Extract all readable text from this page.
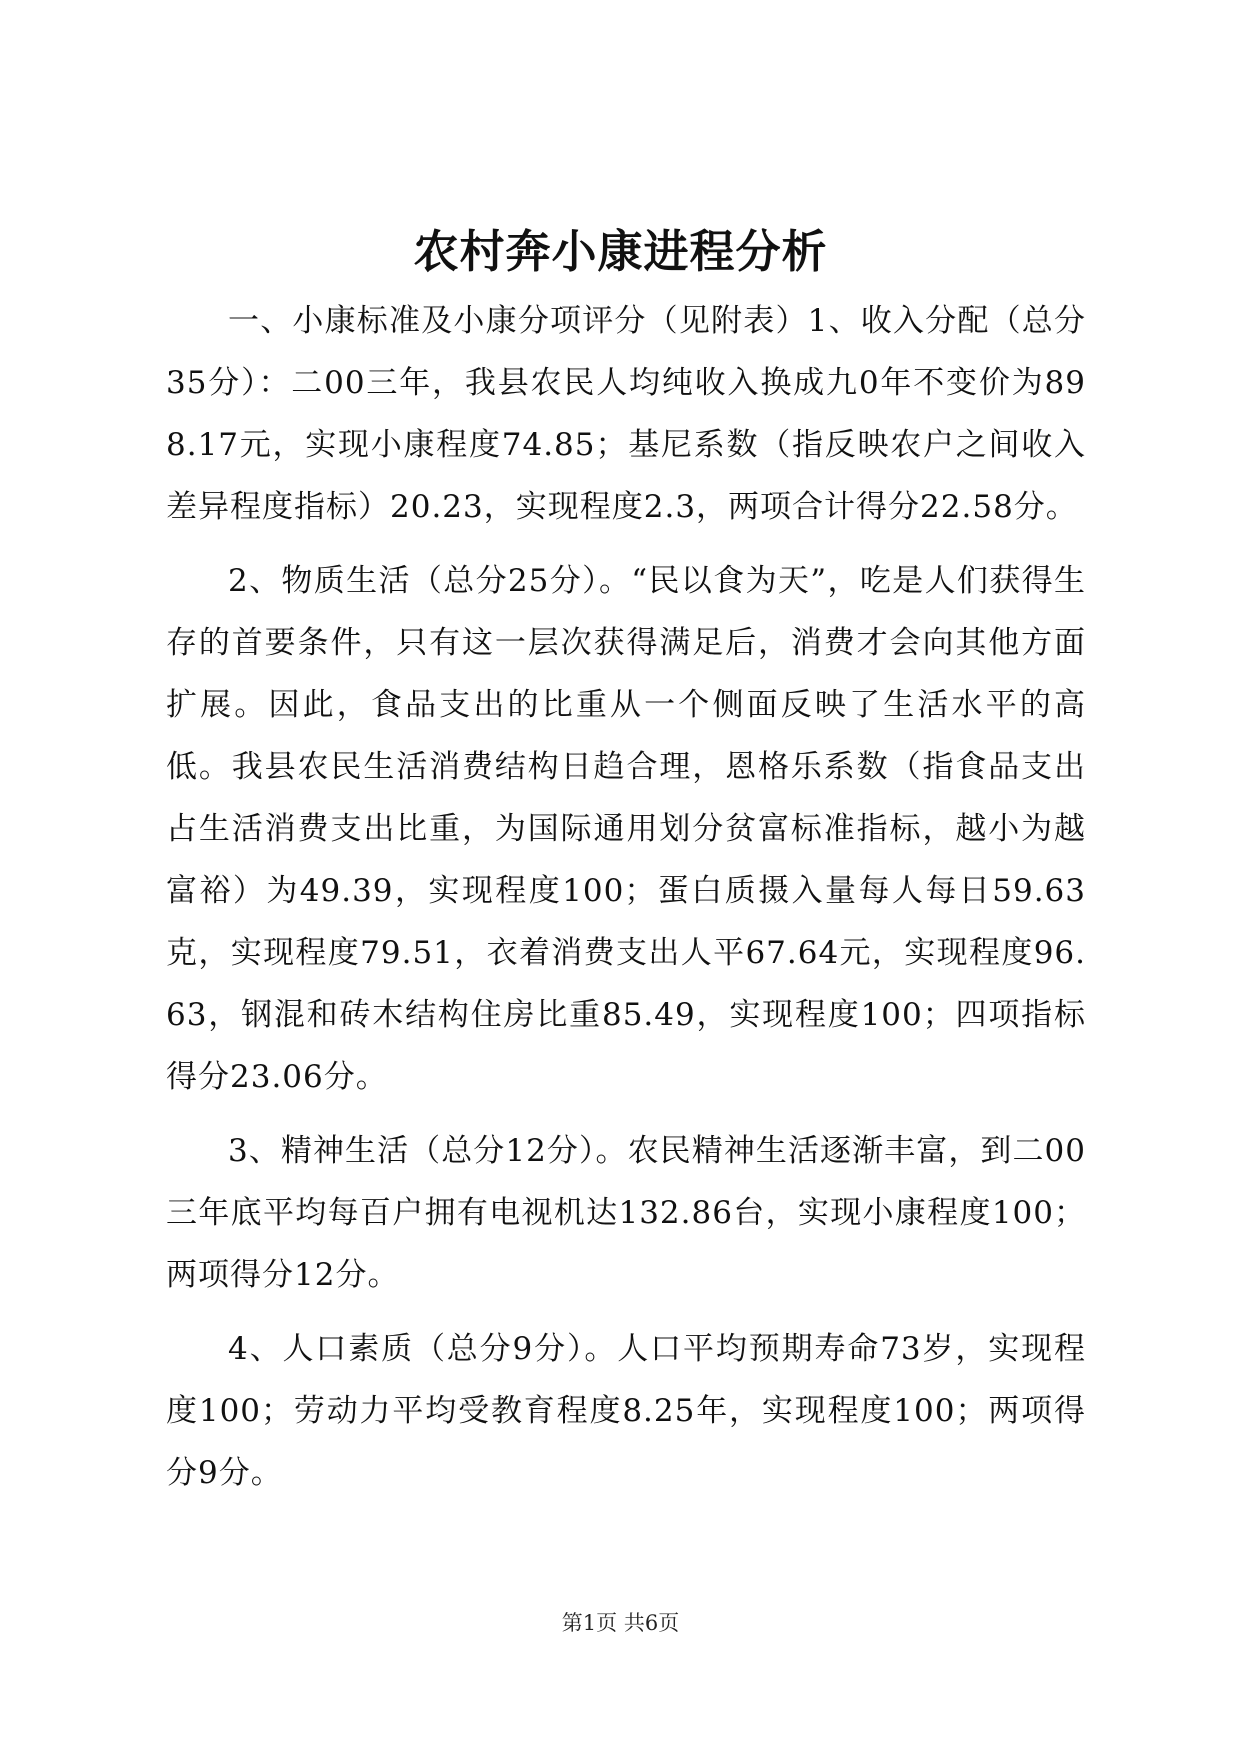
农村奔小康进程分析

一、小康标准及小康分项评分（见附表）1、收入分配（总分35分）：二00三年，我县农民人均纯收入换成九0年不变价为898.17元，实现小康程度74.85；基尼系数（指反映农户之间收入差异程度指标）20.23，实现程度2.3，两项合计得分22.58分。

2、物质生活（总分25分）。“民以食为天”，吃是人们获得生存的首要条件，只有这一层次获得满足后，消费才会向其他方面扩展。因此，食品支出的比重从一个侧面反映了生活水平的高低。我县农民生活消费结构日趋合理，恩格乐系数（指食品支出占生活消费支出比重，为国际通用划分贫富标准指标，越小为越富裕）为49.39，实现程度100；蛋白质摄入量每人每日59.63克，实现程度79.51，衣着消费支出人平67.64元，实现程度96.63，钢混和砖木结构住房比重85.49，实现程度100；四项指标得分23.06分。

3、精神生活（总分12分）。农民精神生活逐渐丰富，到二00三年底平均每百户拥有电视机达132.86台，实现小康程度100；两项得分12分。

4、人口素质（总分9分）。人口平均预期寿命73岁，实现程度100；劳动力平均受教育程度8.25年，实现程度100；两项得分9分。

第1页 共6页
